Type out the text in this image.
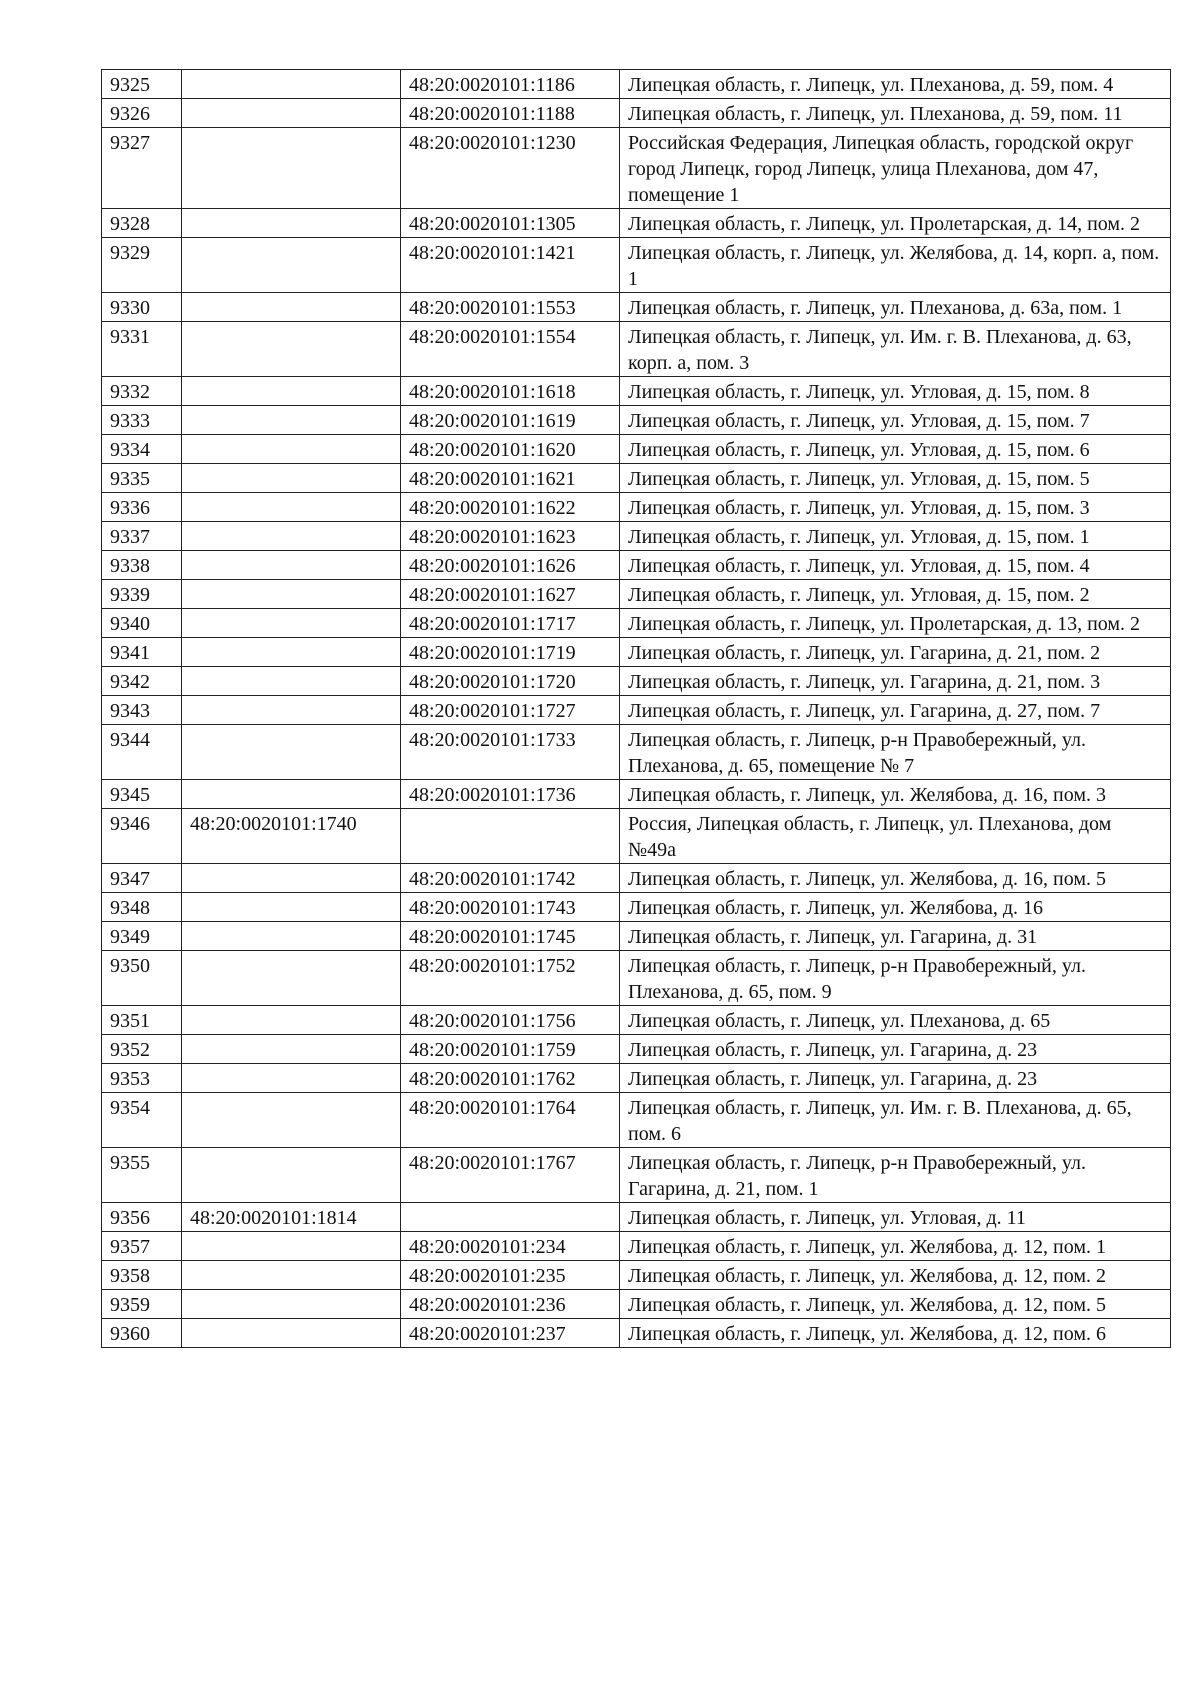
9325		48:20:0020101:1186	Липецкая область, г. Липецк, ул. Плеханова, д. 59, пом. 4
9326		48:20:0020101:1188	Липецкая область, г. Липецк, ул. Плеханова, д. 59, пом. 11
9327		48:20:0020101:1230	Российская Федерация, Липецкая область, городской округ город Липецк, город Липецк, улица Плеханова, дом 47, помещение 1
9328		48:20:0020101:1305	Липецкая область, г. Липецк, ул. Пролетарская, д. 14, пом. 2
9329		48:20:0020101:1421	Липецкая область, г. Липецк, ул. Желябова, д. 14, корп. а, пом. 1
9330		48:20:0020101:1553	Липецкая область, г. Липецк, ул. Плеханова, д. 63а, пом. 1
9331		48:20:0020101:1554	Липецкая область, г. Липецк, ул. Им. г. В. Плеханова, д. 63, корп. а, пом. 3
9332		48:20:0020101:1618	Липецкая область, г. Липецк, ул. Угловая, д. 15, пом. 8
9333		48:20:0020101:1619	Липецкая область, г. Липецк, ул. Угловая, д. 15, пом. 7
9334		48:20:0020101:1620	Липецкая область, г. Липецк, ул. Угловая, д. 15, пом. 6
9335		48:20:0020101:1621	Липецкая область, г. Липецк, ул. Угловая, д. 15, пом. 5
9336		48:20:0020101:1622	Липецкая область, г. Липецк, ул. Угловая, д. 15, пом. 3
9337		48:20:0020101:1623	Липецкая область, г. Липецк, ул. Угловая, д. 15, пом. 1
9338		48:20:0020101:1626	Липецкая область, г. Липецк, ул. Угловая, д. 15, пом. 4
9339		48:20:0020101:1627	Липецкая область, г. Липецк, ул. Угловая, д. 15, пом. 2
9340		48:20:0020101:1717	Липецкая область, г. Липецк, ул. Пролетарская, д. 13, пом. 2
9341		48:20:0020101:1719	Липецкая область, г. Липецк, ул. Гагарина, д. 21, пом. 2
9342		48:20:0020101:1720	Липецкая область, г. Липецк, ул. Гагарина, д. 21, пом. 3
9343		48:20:0020101:1727	Липецкая область, г. Липецк, ул. Гагарина, д. 27, пом. 7
9344		48:20:0020101:1733	Липецкая область, г. Липецк, р-н Правобережный, ул. Плеханова, д. 65, помещение № 7
9345		48:20:0020101:1736	Липецкая область, г. Липецк, ул. Желябова, д. 16, пом. 3
9346	48:20:0020101:1740		Россия, Липецкая область, г. Липецк, ул. Плеханова, дом №49а
9347		48:20:0020101:1742	Липецкая область, г. Липецк, ул. Желябова, д. 16, пом. 5
9348		48:20:0020101:1743	Липецкая область, г. Липецк, ул. Желябова, д. 16
9349		48:20:0020101:1745	Липецкая область, г. Липецк, ул. Гагарина, д. 31
9350		48:20:0020101:1752	Липецкая область, г. Липецк, р-н Правобережный, ул. Плеханова, д. 65, пом. 9
9351		48:20:0020101:1756	Липецкая область, г. Липецк, ул. Плеханова, д. 65
9352		48:20:0020101:1759	Липецкая область, г. Липецк, ул. Гагарина, д. 23
9353		48:20:0020101:1762	Липецкая область, г. Липецк, ул. Гагарина, д. 23
9354		48:20:0020101:1764	Липецкая область, г. Липецк, ул. Им. г. В. Плеханова, д. 65, пом. 6
9355		48:20:0020101:1767	Липецкая область, г. Липецк, р-н Правобережный, ул. Гагарина, д. 21, пом. 1
9356	48:20:0020101:1814		Липецкая область, г. Липецк, ул. Угловая, д. 11
9357		48:20:0020101:234	Липецкая область, г. Липецк, ул. Желябова, д. 12, пом. 1
9358		48:20:0020101:235	Липецкая область, г. Липецк, ул. Желябова, д. 12, пом. 2
9359		48:20:0020101:236	Липецкая область, г. Липецк, ул. Желябова, д. 12, пом. 5
9360		48:20:0020101:237	Липецкая область, г. Липецк, ул. Желябова, д. 12, пом. 6
